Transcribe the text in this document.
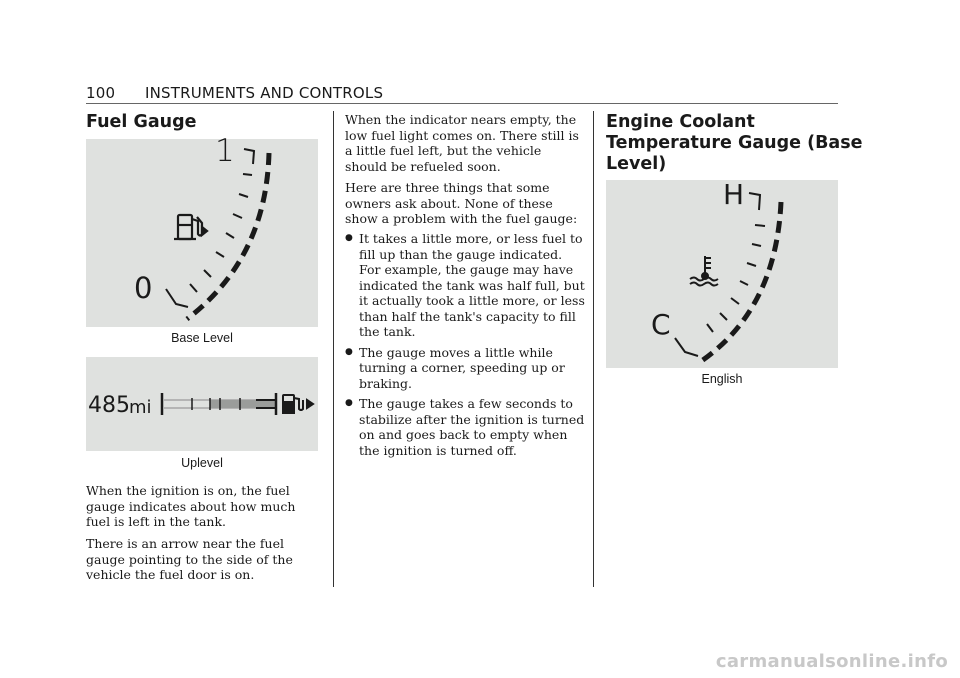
100 INSTRUMENTS AND CONTROLS
Fuel Gauge
1
0
Base Level
485 mi
Uplevel

When the ignition is on, the fuel gauge indicates about how much fuel is left in the tank.

There is an arrow near the fuel gauge pointing to the side of the vehicle the fuel door is on.

When the indicator nears empty, the low fuel light comes on. There still is a little fuel left, but the vehicle should be refueled soon.

Here are three things that some owners ask about. None of these show a problem with the fuel gauge:

● It takes a little more, or less fuel to fill up than the gauge indicated. For example, the gauge may have indicated the tank was half full, but it actually took a little more, or less than half the tank's capacity to fill the tank.
● The gauge moves a little while turning a corner, speeding up or braking.
● The gauge takes a few seconds to stabilize after the ignition is turned on and goes back to empty when the ignition is turned off.
Engine Coolant
Temperature Gauge (Base
Level)
H
C
English
carmanualsonline.info
